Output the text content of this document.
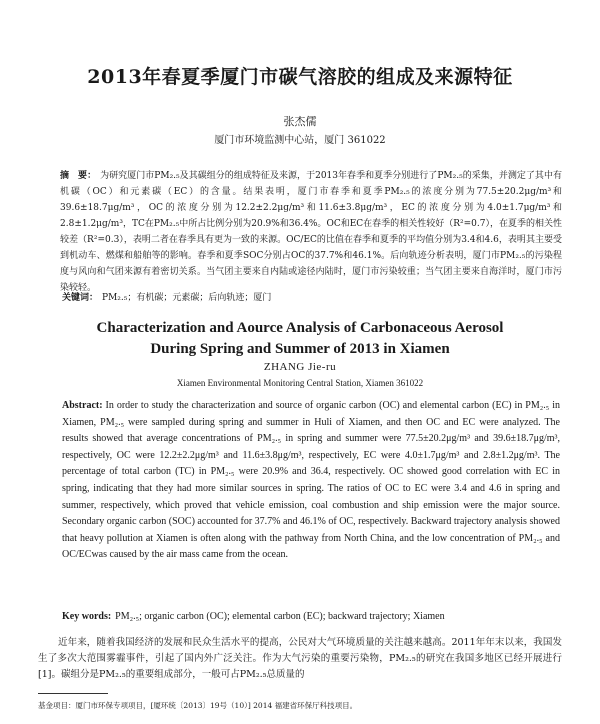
2013年春夏季厦门市碳气溶胶的组成及来源特征
张杰儒
厦门市环境监测中心站，厦门 361022
摘　要： 为研究厦门市PM₂.₅及其碳组分的组成特征及来源，于2013年春季和夏季分别进行了PM₂.₅的采集，并测定了其中有机碳（OC）和元素碳（EC）的含量。结果表明，厦门市春季和夏季PM₂.₅的浓度分别为77.5±20.2μg/m³和39.6±18.7μg/m³，OC的浓度分别为12.2±2.2μg/m³和11.6±3.8μg/m³，EC的浓度分别为4.0±1.7μg/m³和2.8±1.2μg/m³，TC在PM₂.₅中所占比例分别为20.9%和36.4%。OC和EC在春季的相关性较好（R²=0.7），在夏季的相关性较差（R²=0.3），表明二者在春季具有更为一致的来源。OC/EC的比值在春季和夏季的平均值分别为3.4和4.6，表明其主要受到机动车、燃煤和船舶等的影响。春季和夏季SOC分别占OC的37.7%和46.1%。后向轨迹分析表明，厦门市PM₂.₅的污染程度与风向和气团来源有着密切关系。当气团主要来自内陆或途径内陆时，厦门市污染较重；当气团主要来自海洋时，厦门市污染较轻。
关键词： PM₂.₅；有机碳；元素碳；后向轨迹；厦门
Characterization and Aource Analysis of Carbonaceous Aerosol
During Spring and Summer of 2013 in Xiamen
ZHANG Jie-ru
Xiamen Environmental Monitoring Central Station, Xiamen 361022
Abstract: In order to study the characterization and source of organic carbon (OC) and elemental carbon (EC) in PM₂.₅ in Xiamen, PM₂.₅ were sampled during spring and summer in Huli of Xiamen, and then OC and EC were analyzed. The results showed that average concentrations of PM₂.₅ in spring and summer were 77.5±20.2μg/m³ and 39.6±18.7μg/m³, respectively, OC were 12.2±2.2μg/m³ and 11.6±3.8μg/m³, respectively, EC were 4.0±1.7μg/m³ and 2.8±1.2μg/m³. The percentage of total carbon (TC) in PM₂.₅ were 20.9% and 36.4, respectively. OC showed good correlation with EC in spring, indicating that they had more similar sources in spring. The ratios of OC to EC were 3.4 and 4.6 in spring and summer, respectively, which proved that vehicle emission, coal combustion and ship emission were the major source. Secondary organic carbon (SOC) accounted for 37.7% and 46.1% of OC, respectively. Backward trajectory analysis showed that heavy pollution at Xiamen is often along with the pathway from North China, and the low concentration of PM₂.₅ and OC/ECwas caused by the air mass came from the ocean.
Key words: PM₂.₅; organic carbon (OC); elemental carbon (EC); backward trajectory; Xiamen
近年来，随着我国经济的发展和民众生活水平的提高，公民对大气环境质量的关注越来越高。2011年年末以来，我国发生了多次大范围雾霾事件，引起了国内外广泛关注。作为大气污染的重要污染物，PM₂.₅的研究在我国多地区已经开展进行[1]。碳组分是PM₂.₅的重要组成部分，一般可占PM₂.₅总质量的
基金项目：厦门市环保专项项目，[厦环统〔2013〕19号（10）] 2014 福建省环保厅科技项目。
